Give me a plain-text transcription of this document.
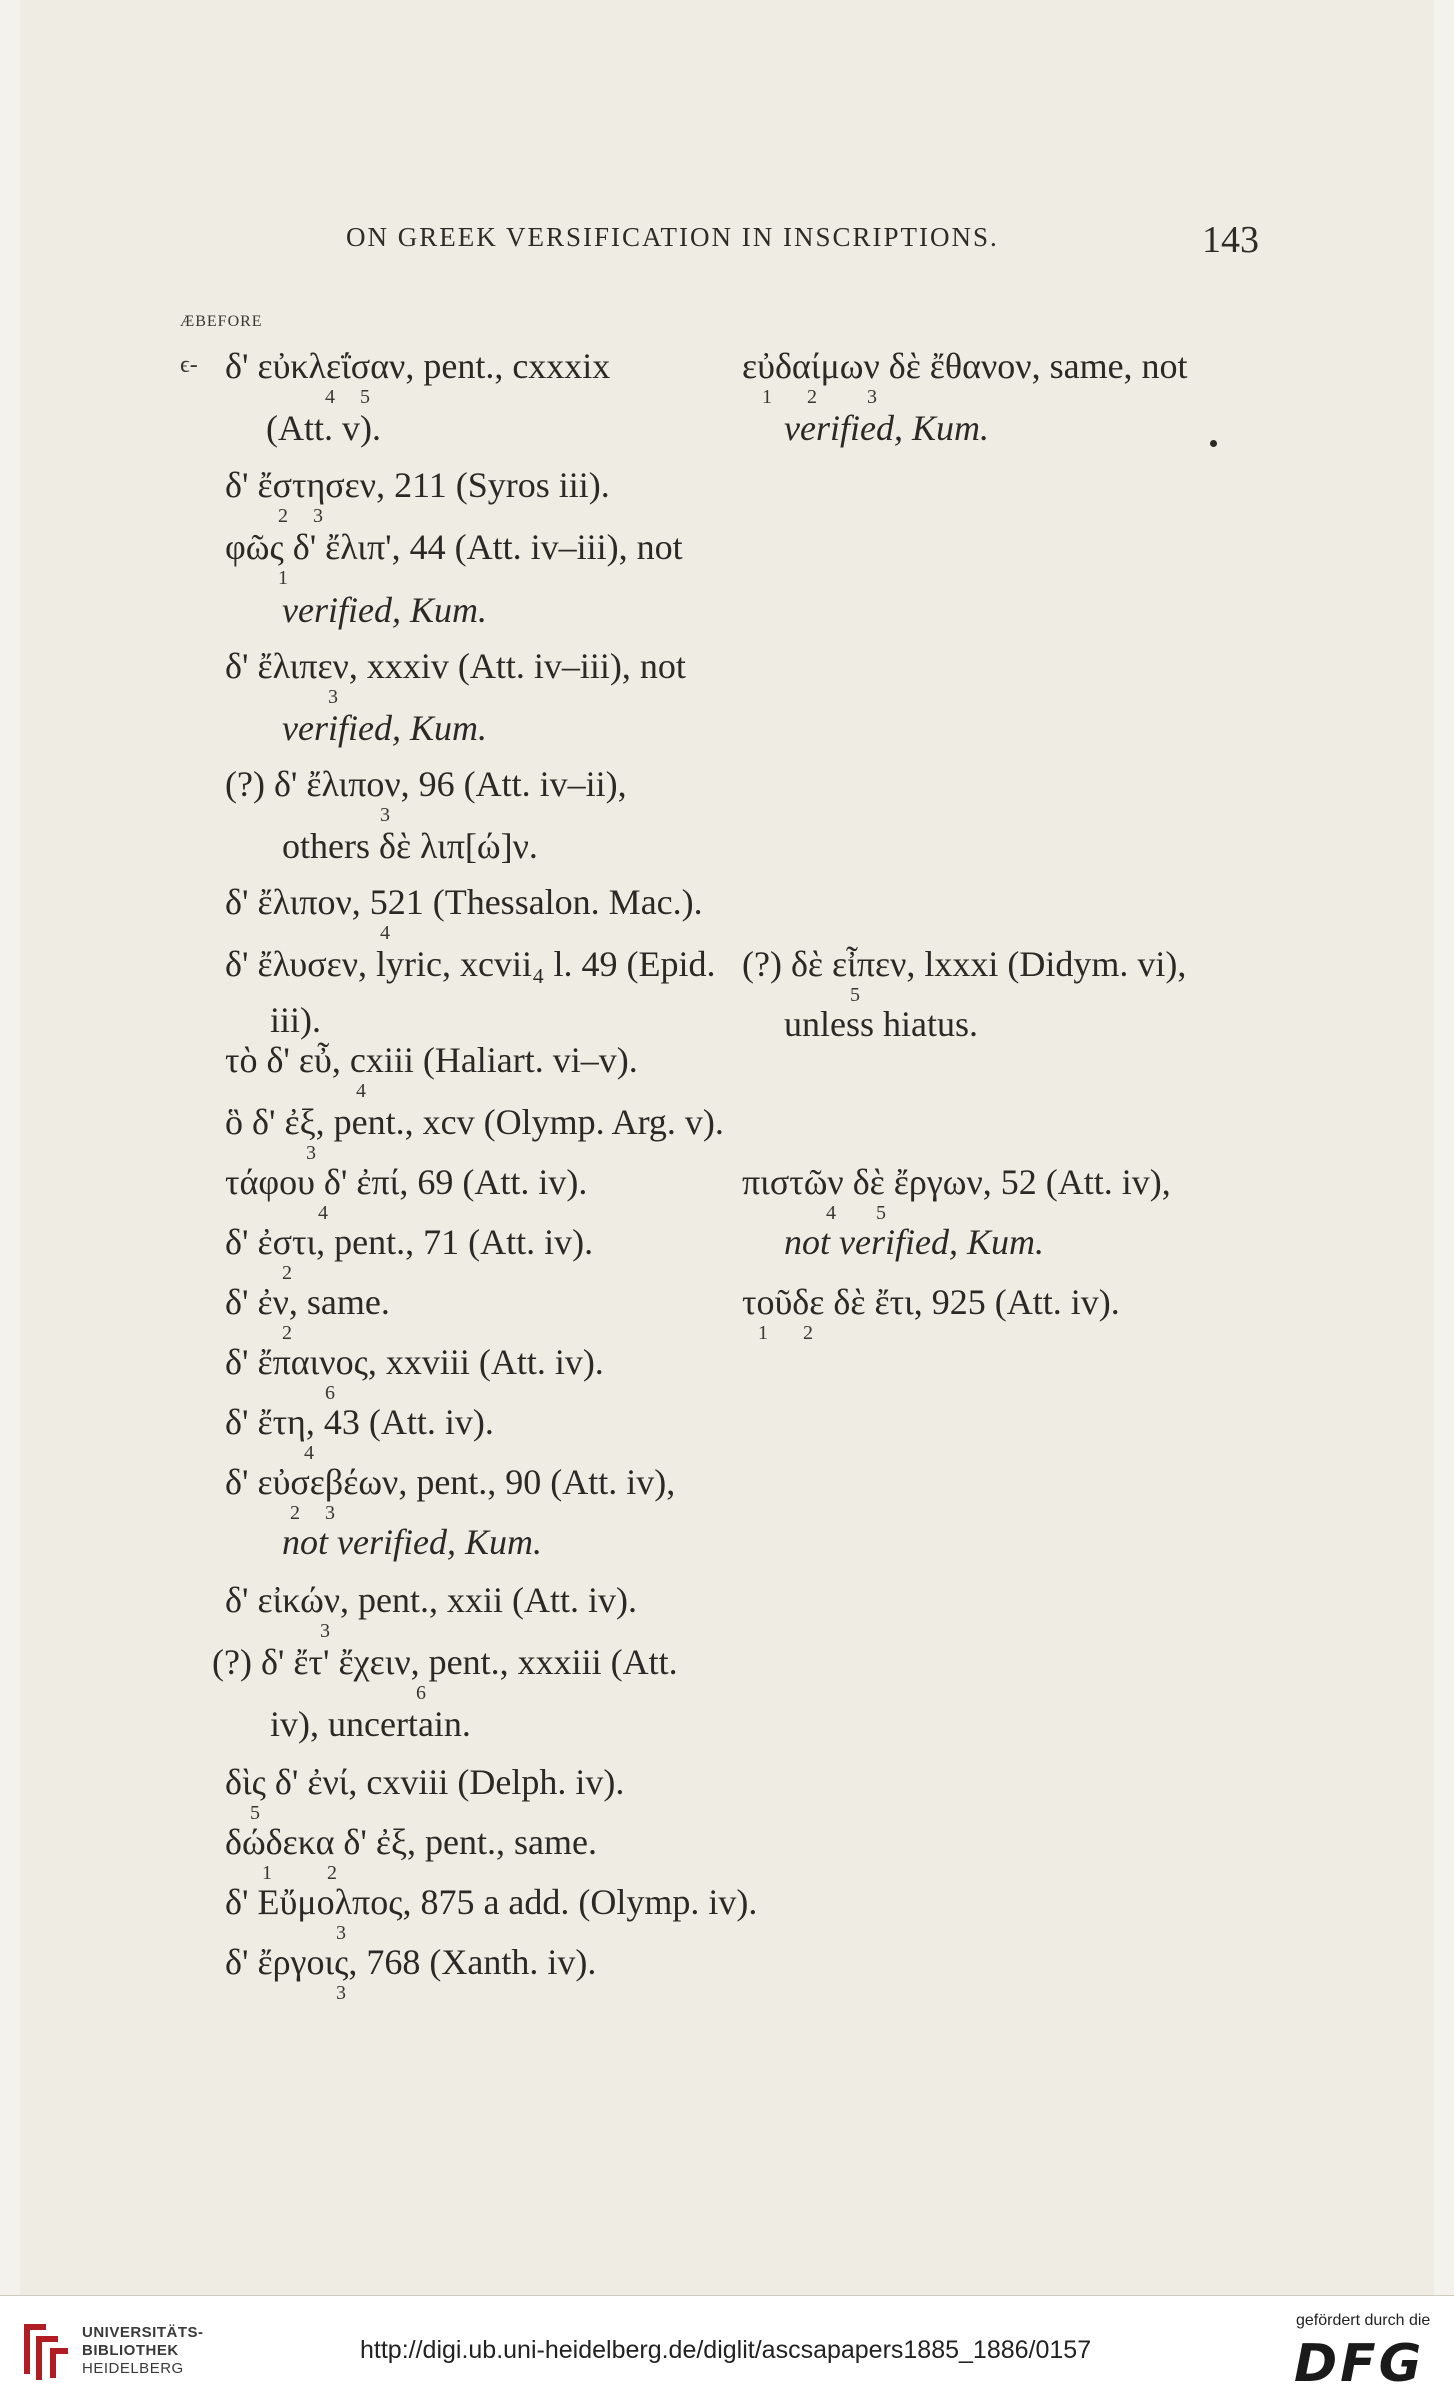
ON GREEK VERSIFICATION IN INSCRIPTIONS.	143
ÆBEFORE
ϵ- δ' εὐκλεΐσαν, pent., cxxxix
4     5
(Att. v).
δ' ἔστησεν, 211 (Syros iii).
2     3
φῶς δ' ἔλιπ', 44 (Att. iv–iii), not
1
verified, Kum.
δ' ἔλιπεν, xxxiv (Att. iv–iii), not
3
verified, Kum.
(?) δ' ἔλιπον, 96 (Att. iv–ii),
3
others δὲ λιπ[ώ]ν.
δ' ἔλιπον, 521 (Thessalon. Mac.).
4
δ' ἔλυσεν, lyric, xcvii₄ l. 49 (Epid.
iii).
τὸ δ' εὖ, cxiii (Haliart. vi–v).
4
ὃ δ' ἐξ, pent., xcv (Olymp. Arg. v).
3
τάφου δ' ἐπί, 69 (Att. iv).
4
δ' ἐστι, pent., 71 (Att. iv).
2
δ' ἐν, same.
2
δ' ἔπαινος, xxviii (Att. iv).
6
δ' ἔτη, 43 (Att. iv).
4
δ' εὐσεβέων, pent., 90 (Att. iv),
2     3
not verified, Kum.
δ' εἰκών, pent., xxii (Att. iv).
3
(?) δ' ἔτ' ἔχειν, pent., xxxiii (Att.
6
iv), uncertain.
δὶς δ' ἐνί, cxviii (Delph. iv).
5
δώδεκα δ' ἐξ, pent., same.
1           2
δ' Εὔμολπος, 875 a add. (Olymp. iv).
3
δ' ἔργοις, 768 (Xanth. iv).
3
εὐδαίμων δὲ ἔθανον, same, not
1       2          3
verified, Kum.
(?) δὲ εἶπεν, lxxxi (Didym. vi),
5
unless hiatus.
πιστῶν δὲ ἔργων, 52 (Att. iv),
4        5
not verified, Kum.
τοῦδε δὲ ἔτι, 925 (Att. iv).
1       2
UNIVERSITÄTS-
BIBLIOTHEK
HEIDELBERG
http://digi.ub.uni-heidelberg.de/diglit/ascsapapers1885_1886/0157
gefördert durch die
DFG
